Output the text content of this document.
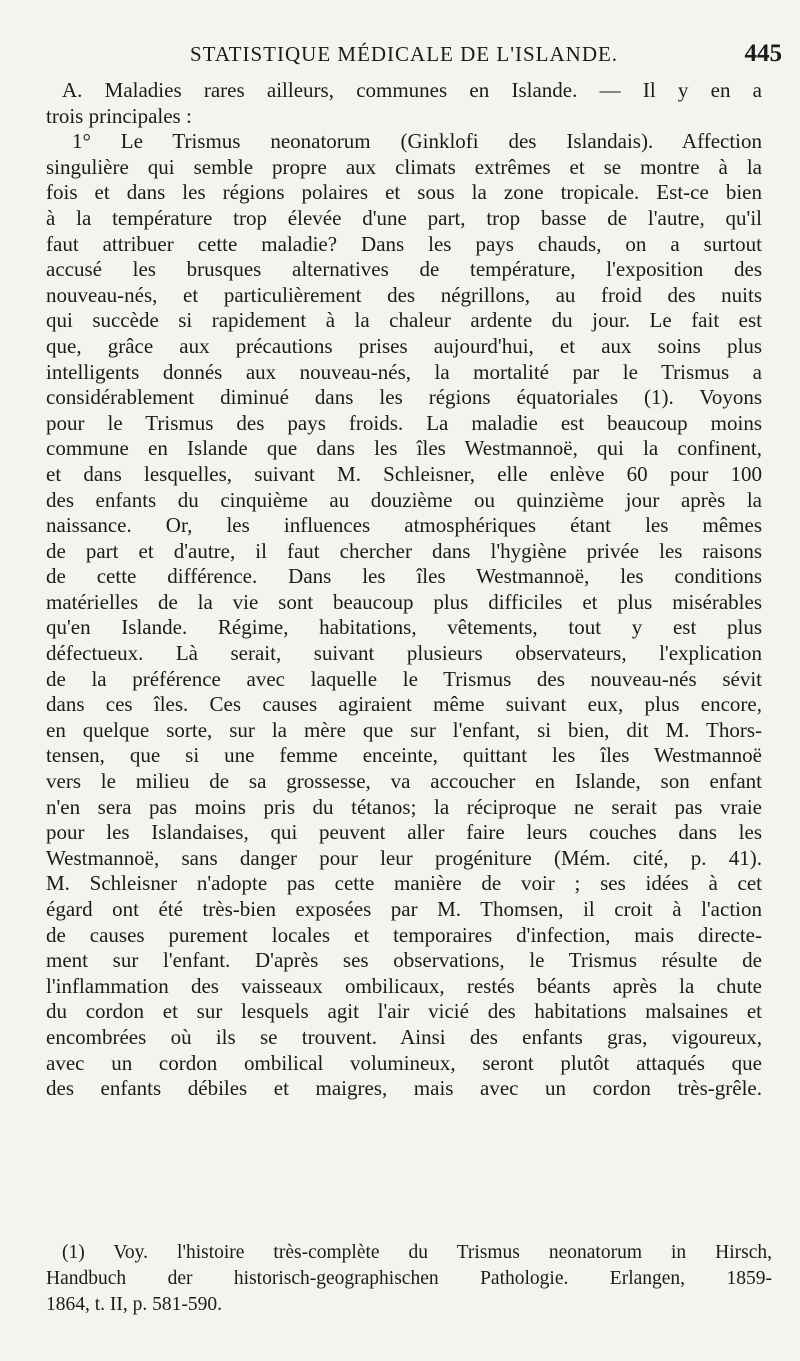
STATISTIQUE MÉDICALE DE L'ISLANDE.	445
A. Maladies rares ailleurs, communes en Islande. — Il y en a
trois principales :
1° Le Trismus neonatorum (Ginklofi des Islandais). Affection
singulière qui semble propre aux climats extrêmes et se montre à la
fois et dans les régions polaires et sous la zone tropicale. Est-ce bien
à la température trop élevée d'une part, trop basse de l'autre, qu'il
faut attribuer cette maladie? Dans les pays chauds, on a surtout
accusé les brusques alternatives de température, l'exposition des
nouveau-nés, et particulièrement des négrillons, au froid des nuits
qui succède si rapidement à la chaleur ardente du jour. Le fait est
que, grâce aux précautions prises aujourd'hui, et aux soins plus
intelligents donnés aux nouveau-nés, la mortalité par le Trismus a
considérablement diminué dans les régions équatoriales (1). Voyons
pour le Trismus des pays froids. La maladie est beaucoup moins
commune en Islande que dans les îles Westmannoë, qui la confinent,
et dans lesquelles, suivant M. Schleisner, elle enlève 60 pour 100
des enfants du cinquième au douzième ou quinzième jour après la
naissance. Or, les influences atmosphériques étant les mêmes
de part et d'autre, il faut chercher dans l'hygiène privée les raisons
de cette différence. Dans les îles Westmannoë, les conditions
matérielles de la vie sont beaucoup plus difficiles et plus misérables
qu'en Islande. Régime, habitations, vêtements, tout y est plus
défectueux. Là serait, suivant plusieurs observateurs, l'explication
de la préférence avec laquelle le Trismus des nouveau-nés sévit
dans ces îles. Ces causes agiraient même suivant eux, plus encore,
en quelque sorte, sur la mère que sur l'enfant, si bien, dit M. Thors-
tensen, que si une femme enceinte, quittant les îles Westmannoë
vers le milieu de sa grossesse, va accoucher en Islande, son enfant
n'en sera pas moins pris du tétanos; la réciproque ne serait pas vraie
pour les Islandaises, qui peuvent aller faire leurs couches dans les
Westmannoë, sans danger pour leur progéniture (Mém. cité, p. 41).
M. Schleisner n'adopte pas cette manière de voir ; ses idées à cet
égard ont été très-bien exposées par M. Thomsen, il croit à l'action
de causes purement locales et temporaires d'infection, mais directe-
ment sur l'enfant. D'après ses observations, le Trismus résulte de
l'inflammation des vaisseaux ombilicaux, restés béants après la chute
du cordon et sur lesquels agit l'air vicié des habitations malsaines et
encombrées où ils se trouvent. Ainsi des enfants gras, vigoureux,
avec un cordon ombilical volumineux, seront plutôt attaqués que
des enfants débiles et maigres, mais avec un cordon très-grêle.
(1) Voy. l'histoire très-complète du Trismus neonatorum in Hirsch,
Handbuch der historisch-geographischen Pathologie. Erlangen, 1859-
1864, t. II, p. 581-590.
